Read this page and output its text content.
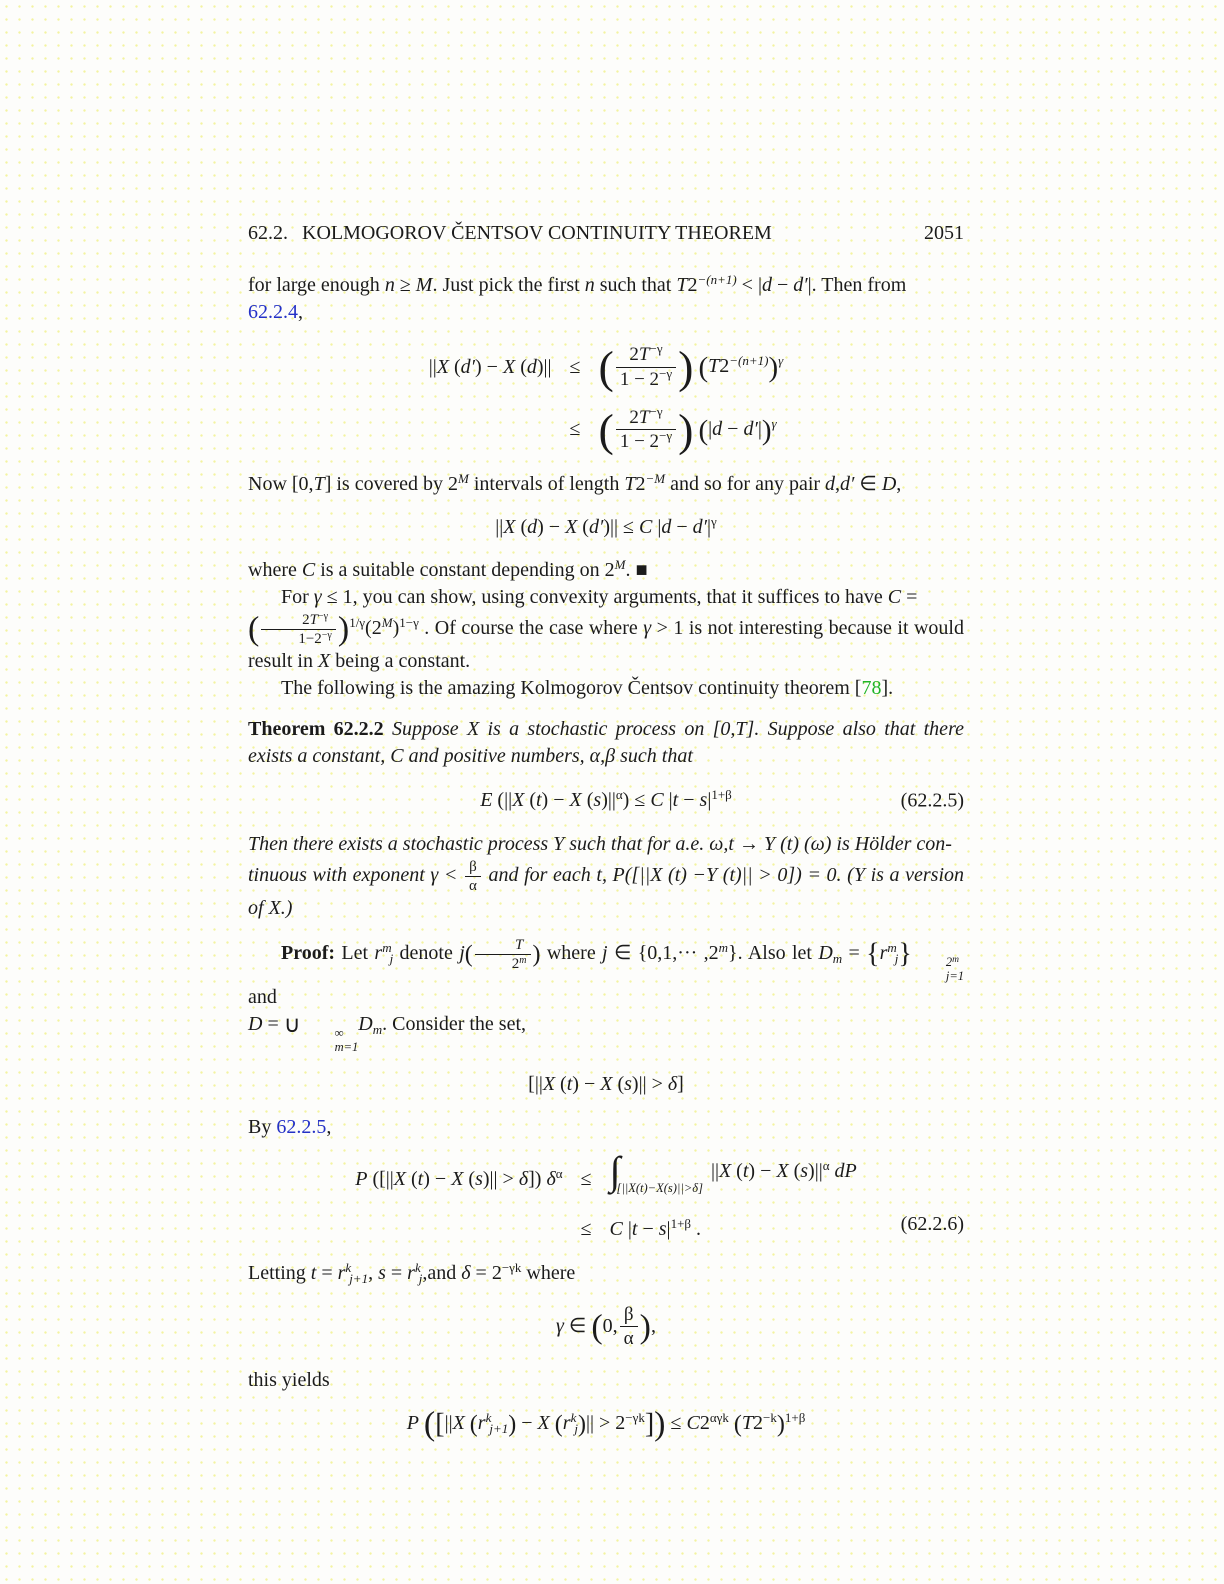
62.2. KOLMOGOROV ČENTSOV CONTINUITY THEOREM	2051

for large enough n ≥ M. Just pick the first n such that $T2^{-(n+1)} < |d - d'|$. Then from
62.2.4,

||X (d′) − X (d)|| ≤ ( $\frac{2T^{-\gamma}}{1 - 2^{-\gamma}}$ ) $(T2^{-(n+1)})^\gamma$
≤ ( $\frac{2T^{-\gamma}}{1 - 2^{-\gamma}}$ ) $(|d - d'|)^\gamma$

Now [0,T] is covered by $2^M$ intervals of length $T2^{-M}$ and so for any pair d,d′ ∈ D,

||X (d) − X (d′)|| ≤ C $|d - d'|^\gamma$

where C is a suitable constant depending on $2^M$. ■

For γ ≤ 1, you can show, using convexity arguments, that it suffices to have C =
( $\frac{2T^{-\gamma}}{1-2^{-\gamma}} )^{1/\gamma}(2^M)^{1-\gamma}$ . Of course the case where γ > 1 is not interesting because it would result in X being a constant.

The following is the amazing Kolmogorov Čentsov continuity theorem [78].

Theorem 62.2.2 Suppose X is a stochastic process on [0,T]. Suppose also that there exists a constant, C and positive numbers, α,β such that

E (||X (t) − X $(s)||^\alpha) \le C$ $|t - s|^{1+\beta}$	(62.2.5)

Then there exists a stochastic process Y such that for a.e. ω,t → Y (t) (ω) is Hölder con-
tinuous with exponent $\gamma < \frac{\beta}{\alpha}$ and for each t, P([||X (t) −Y (t)|| > 0]) = 0. (Y is a version of X.)

Proof: Let $r^m_j$ denote $j( \frac{T}{2^m}$ ) where j ∈ $\{0,1,\cdot\cdot\cdot ,2^m\}$. Also let $D_m = \{r^m_j\}$	2$^m$
j=1
and
D = ∪	∞
m=1
$D_m$. Consider the set,

[||X (t) − X (s)|| > δ]

By 62.2.5,

P ([||X (t) − X (s)|| > δ]) $\delta^\alpha \le \int_{[||X(t)-X(s)||>\delta]}||X$ (t) − X $(s)||^\alpha$ dP
≤ C $|t - s|^{1+\beta}$ .	(62.2.6)

Letting $t = r^k_{j+1}$, $s = r^k_j,and$ $\delta = 2^{-\gamma k}$ where

γ ∈ (0, $\frac{\beta}{\alpha}$ ),

this yields

P ([||X $(r^k_{j+1}) - X$ $(r^k_j)|| > 2^{-\gamma k}]) \le C2^{\alpha\gamma k}$ $(T2^{-k})^{1+\beta}$
